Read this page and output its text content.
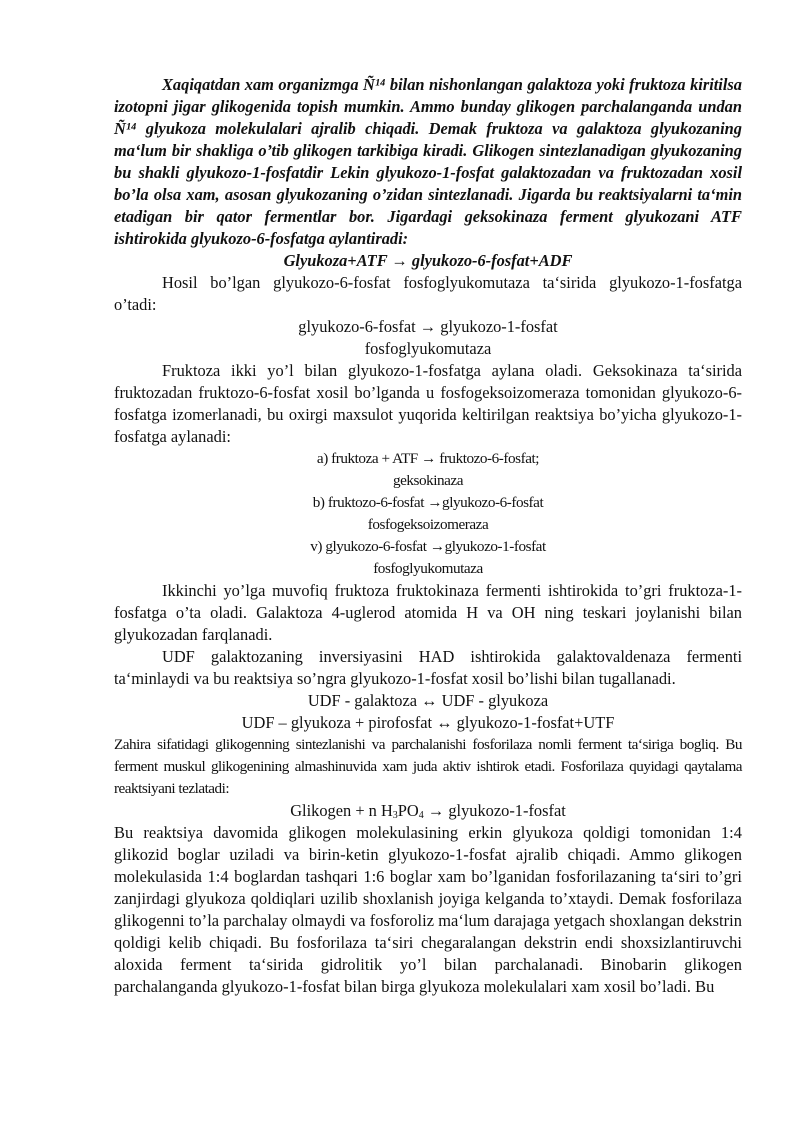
Xaqiqatdan xam organizmga Ñ¹⁴ bilan nishonlangan galaktoza yoki fruktoza kiritilsa izotopni jigar glikogenida topish mumkin. Ammo bunday glikogen parchalanganda undan Ñ¹⁴ glyukoza molekulalari ajralib chiqadi. Demak fruktoza va galaktoza glyukozaning ma‘lum bir shakliga o’tib glikogen tarkibiga kiradi. Glikogen sintezlanadigan glyukozaning bu shakli glyukozo-1-fosfatdir Lekin glyukozo-1-fosfat galaktozadan va fruktozadan xosil bo’la olsa xam, asosan glyukozaning o’zidan sintezlanadi. Jigarda bu reaktsiyalarni ta‘min etadigan bir qator fermentlar bor. Jigardagi geksokinaza ferment glyukozani ATF ishtirokida glyukozo-6-fosfatga aylantiradi:

Glyukoza+ATF → glyukozo-6-fosfat+ADF

Hosil bo’lgan glyukozo-6-fosfat fosfoglyukomutaza ta‘sirida glyukozo-1-fosfatga o’tadi:

glyukozo-6-fosfat → glyukozo-1-fosfat

fosfoglyukomutaza

Fruktoza ikki yo’l bilan glyukozo-1-fosfatga aylana oladi. Geksokinaza ta‘sirida fruktozadan fruktozo-6-fosfat xosil bo’lganda u fosfogeksoizomeraza tomonidan glyukozo-6-fosfatga izomerlanadi, bu oxirgi maxsulot yuqorida keltirilgan reaktsiya bo’yicha glyukozo-1-fosfatga aylanadi:

a) fruktoza + ATF → fruktozo-6-fosfat;

geksokinaza

b) fruktozo-6-fosfat →glyukozo-6-fosfat

fosfogeksoizomeraza

v) glyukozo-6-fosfat →glyukozo-1-fosfat

fosfoglyukomutaza

Ikkinchi yo’lga muvofiq fruktoza fruktokinaza fermenti ishtirokida to’gri fruktoza-1-fosfatga o’ta oladi. Galaktoza 4-uglerod atomida H va OH ning teskari joylanishi bilan glyukozadan farqlanadi.

UDF galaktozaning inversiyasini HAD ishtirokida galaktovaldenaza fermenti ta‘minlaydi va bu reaktsiya so’ngra glyukozo-1-fosfat xosil bo’lishi bilan tugallanadi.

UDF - galaktoza ↔ UDF - glyukoza

UDF – glyukoza + pirofosfat ↔ glyukozo-1-fosfat+UTF

Zahira sifatidagi glikogenning sintezlanishi va parchalanishi fosforilaza nomli ferment ta‘siriga bogliq. Bu ferment muskul glikogenining almashinuvida xam juda aktiv ishtirok etadi. Fosforilaza quyidagi qaytalama reaktsiyani tezlatadi:

Glikogen + n $H_3PO_4$ → glyukozo-1-fosfat

Bu reaktsiya davomida glikogen molekulasining erkin glyukoza qoldigi tomonidan 1:4 glikozid boglar uziladi va birin-ketin glyukozo-1-fosfat ajralib chiqadi. Ammo glikogen molekulasida 1:4 boglardan tashqari 1:6 boglar xam bo’lganidan fosforilazaning ta‘siri to’gri zanjirdagi glyukoza qoldiqlari uzilib shoxlanish joyiga kelganda to’xtaydi. Demak fosforilaza glikogenni to’la parchalay olmaydi va fosforoliz ma‘lum darajaga yetgach shoxlangan dekstrin qoldigi kelib chiqadi. Bu fosforilaza ta‘siri chegaralangan dekstrin endi shoxsizlantiruvchi aloxida ferment ta‘sirida gidrolitik yo’l bilan parchalanadi. Binobarin glikogen parchalanganda glyukozo-1-fosfat bilan birga glyukoza molekulalari xam xosil bo’ladi. Bu
